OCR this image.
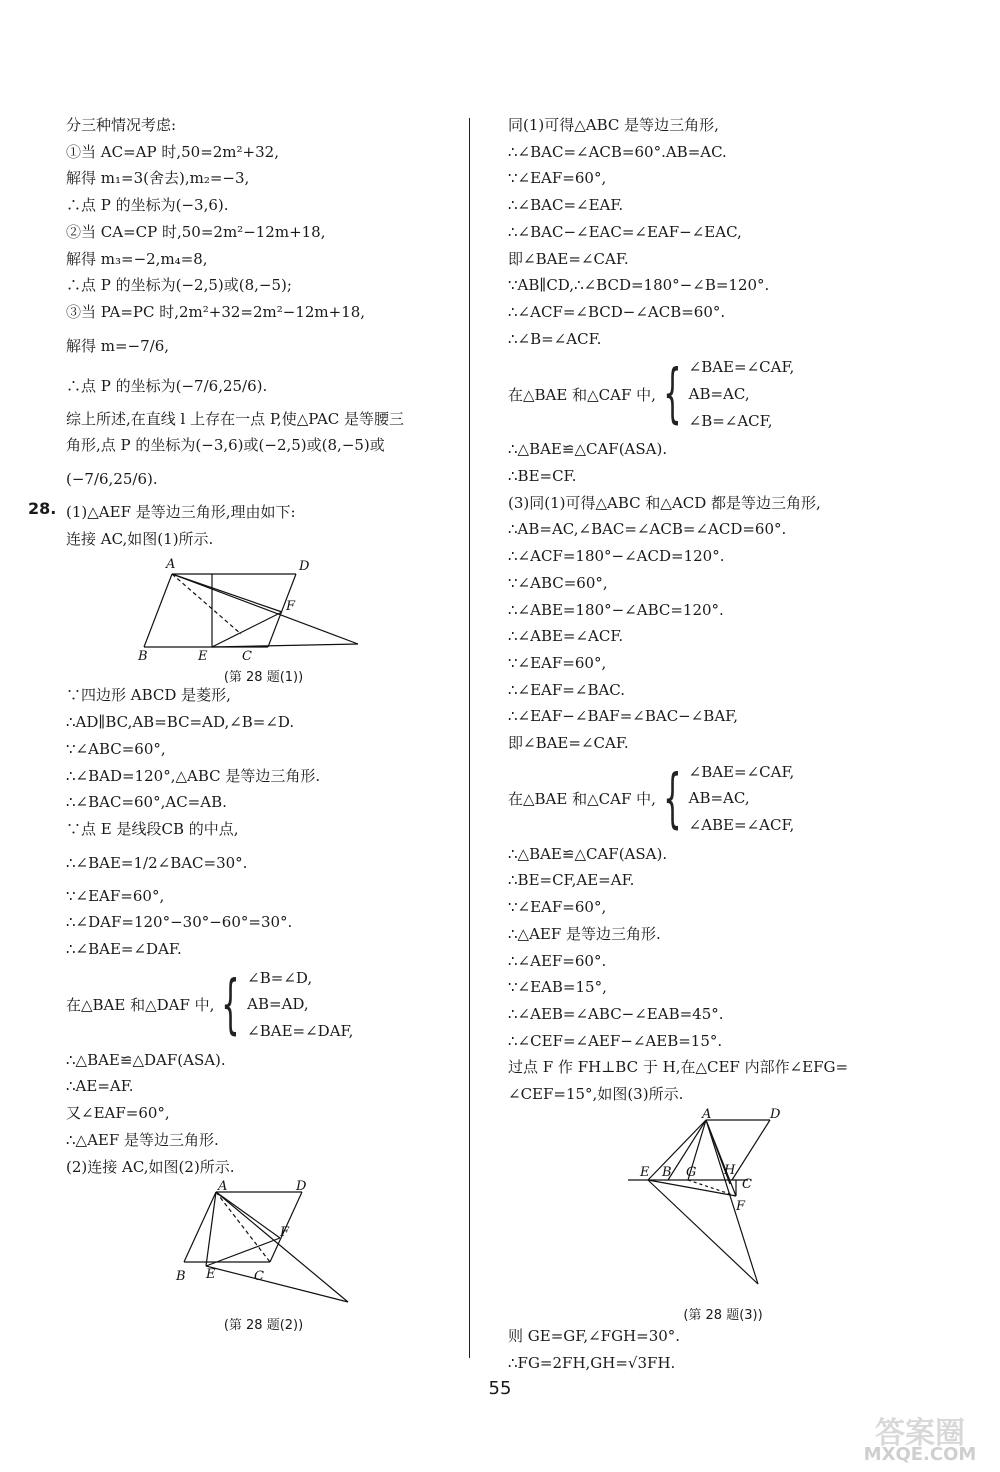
分三种情况考虑:
①当 AC=AP 时,50=2m²+32,
解得 m₁=3(舍去),m₂=−3,
∴点 P 的坐标为(−3,6).
②当 CA=CP 时,50=2m²−12m+18,
解得 m₃=−2,m₄=8,
∴点 P 的坐标为(−2,5)或(8,−5);
③当 PA=PC 时,2m²+32=2m²−12m+18,
解得 m=−7/6,
∴点 P 的坐标为(−7/6,25/6).
综上所述,在直线 l 上存在一点 P,使△PAC 是等腰三
角形,点 P 的坐标为(−3,6)或(−2,5)或(8,−5)或
(−7/6,25/6).
28. (1)△AEF 是等边三角形,理由如下:
连接 AC,如图(1)所示.
A	D
F
B	E	C
(第 28 题(1))
∵四边形 ABCD 是菱形,
∴AD∥BC,AB=BC=AD,∠B=∠D.
∵∠ABC=60°,
∴∠BAD=120°,△ABC 是等边三角形.
∴∠BAC=60°,AC=AB.
∵点 E 是线段CB 的中点,
∴∠BAE=1/2∠BAC=30°.
∵∠EAF=60°,
∴∠DAF=120°−30°−60°=30°.
∴∠BAE=∠DAF.
在△BAE 和△DAF 中, { ∠B=∠D,
AB=AD,
∠BAE=∠DAF,
∴△BAE≌△DAF(ASA).
∴AE=AF.
又∠EAF=60°,
∴△AEF 是等边三角形.
(2)连接 AC,如图(2)所示.
A	D
F
B E	C
(第 28 题(2))
同(1)可得△ABC 是等边三角形,
∴∠BAC=∠ACB=60°.AB=AC.
∵∠EAF=60°,
∴∠BAC=∠EAF.
∴∠BAC−∠EAC=∠EAF−∠EAC,
即∠BAE=∠CAF.
∵AB∥CD,∴∠BCD=180°−∠B=120°.
∴∠ACF=∠BCD−∠ACB=60°.
∴∠B=∠ACF.
在△BAE 和△CAF 中, { ∠BAE=∠CAF,
AB=AC,
∠B=∠ACF,
∴△BAE≌△CAF(ASA).
∴BE=CF.
(3)同(1)可得△ABC 和△ACD 都是等边三角形,
∴AB=AC,∠BAC=∠ACB=∠ACD=60°.
∴∠ACF=180°−∠ACD=120°.
∵∠ABC=60°,
∴∠ABE=180°−∠ABC=120°.
∴∠ABE=∠ACF.
∵∠EAF=60°,
∴∠EAF=∠BAC.
∴∠EAF−∠BAF=∠BAC−∠BAF,
即∠BAE=∠CAF.
在△BAE 和△CAF 中, { ∠BAE=∠CAF,
AB=AC,
∠ABE=∠ACF,
∴△BAE≌△CAF(ASA).
∴BE=CF,AE=AF.
∵∠EAF=60°,
∴△AEF 是等边三角形.
∴∠AEF=60°.
∵∠EAB=15°,
∴∠AEB=∠ABC−∠EAB=45°.
∴∠CEF=∠AEF−∠AEB=15°.
过点 F 作 FH⊥BC 于 H,在△CEF 内部作∠EFG=
∠CEF=15°,如图(3)所示.
A	D
E B G H
C
F
(第 28 题(3))
则 GE=GF,∠FGH=30°.
∴FG=2FH,GH=√3FH.
55
答案圈
MXQE.COM
